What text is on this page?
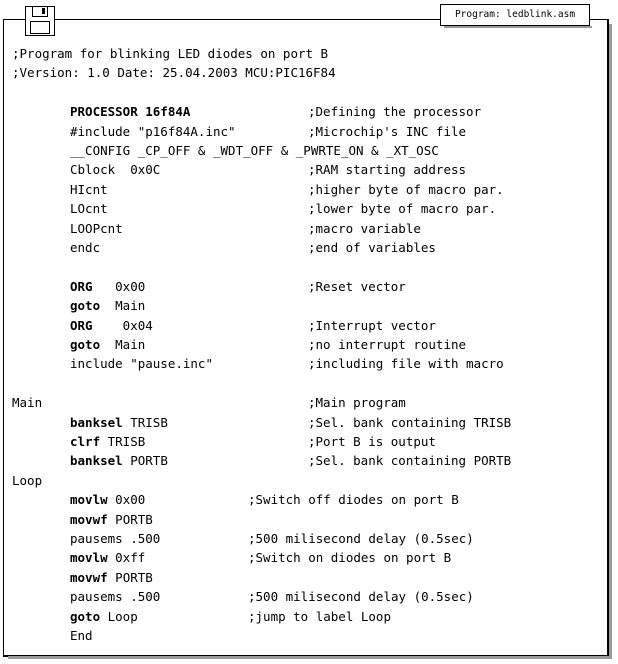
Program: ledblink.asm
;Program for blinking LED diodes on port B
;Version: 1.0 Date: 25.04.2003 MCU:PIC16F84
PROCESSOR 16f84A	;Defining the processor
#include "p16f84A.inc"	;Microchip's INC file
__CONFIG _CP_OFF & _WDT_OFF & _PWRTE_ON & _XT_OSC
Cblock  0x0C	;RAM starting address
HIcnt	;higher byte of macro par.
LOcnt	;lower byte of macro par.
LOOPcnt	;macro variable
endc	;end of variables
ORG   0x00	;Reset vector
goto  Main
ORG    0x04	;Interrupt vector
goto  Main	;no interrupt routine
include "pause.inc"	;including file with macro
Main	;Main program
banksel TRISB	;Sel. bank containing TRISB
clrf TRISB	;Port B is output
banksel PORTB	;Sel. bank containing PORTB
Loop
movlw 0x00	;Switch off diodes on port B
movwf PORTB
pausems .500	;500 milisecond delay (0.5sec)
movlw 0xff	;Switch on diodes on port B
movwf PORTB
pausems .500	;500 milisecond delay (0.5sec)
goto Loop	;jump to label Loop
End
